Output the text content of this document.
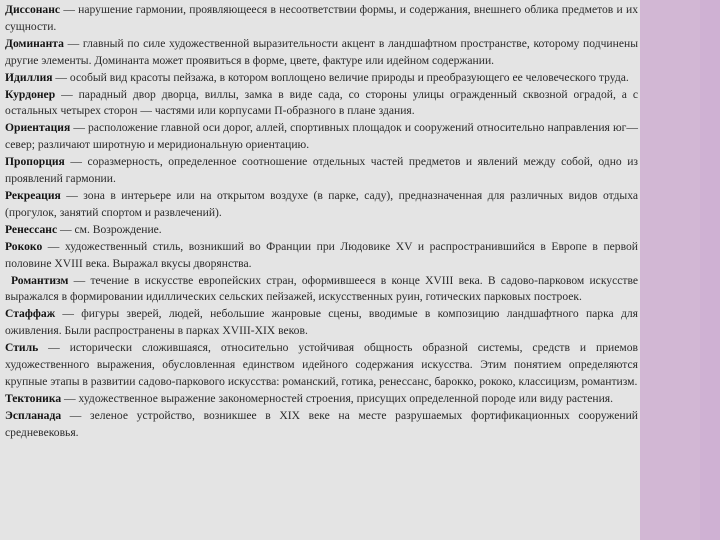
Диссонанс — нарушение гармонии, проявляющееся в несоответствии формы, и содержания, внешнего облика предметов и их сущности.

Доминанта — главный по силе художественной выразительности акцент в ландшафтном пространстве, которому подчинены другие элементы. Доминанта может проявиться в форме, цвете, фактуре или идейном содержании.

Идиллия — особый вид красоты пейзажа, в котором воплощено величие природы и преобразующего ее человеческого труда.

Курдонер — парадный двор дворца, виллы, замка в виде сада, со стороны улицы огражденный сквозной оградой, а с остальных четырех сторон — частями или корпусами П-образного в плане здания.

Ориентация — расположение главной оси дорог, аллей, спортивных площадок и сооружений относительно направления юг—север; различают широтную и меридиональную ориентацию.

Пропорция — соразмерность, определенное соотношение отдельных частей предметов и явлений между собой, одно из проявлений гармонии.

Рекреация — зона в интерьере или на открытом воздухе (в парке, саду), предназначенная для различных видов отдыха (прогулок, занятий спортом и развлечений).

Ренессанс — см. Возрождение.

Рококо — художественный стиль, возникший во Франции при Людовике XV и распространившийся в Европе в первой половине XVIII века. Выражал вкусы дворянства.

Романтизм — течение в искусстве европейских стран, оформившееся в конце XVIII века. В садово-парковом искусстве выражался в формировании идиллических сельских пейзажей, искусственных руин, готических парковых построек.

Стаффаж — фигуры зверей, людей, небольшие жанровые сцены, вводимые в композицию ландшафтного парка для оживления. Были распространены в парках XVIII-XIX веков.

Стиль — исторически сложившаяся, относительно устойчивая общность образной системы, средств и приемов художественного выражения, обусловленная единством идейного содержания искусства. Этим понятием определяются крупные этапы в развитии садово-паркового искусства: романский, готика, ренессанс, барокко, рококо, классицизм, романтизм.

Тектоника — художественное выражение закономерностей строения, присущих определенной породе или виду растения.

Эспланада — зеленое устройство, возникшее в XIX веке на месте разрушаемых фортификационных сооружений средневековья.
